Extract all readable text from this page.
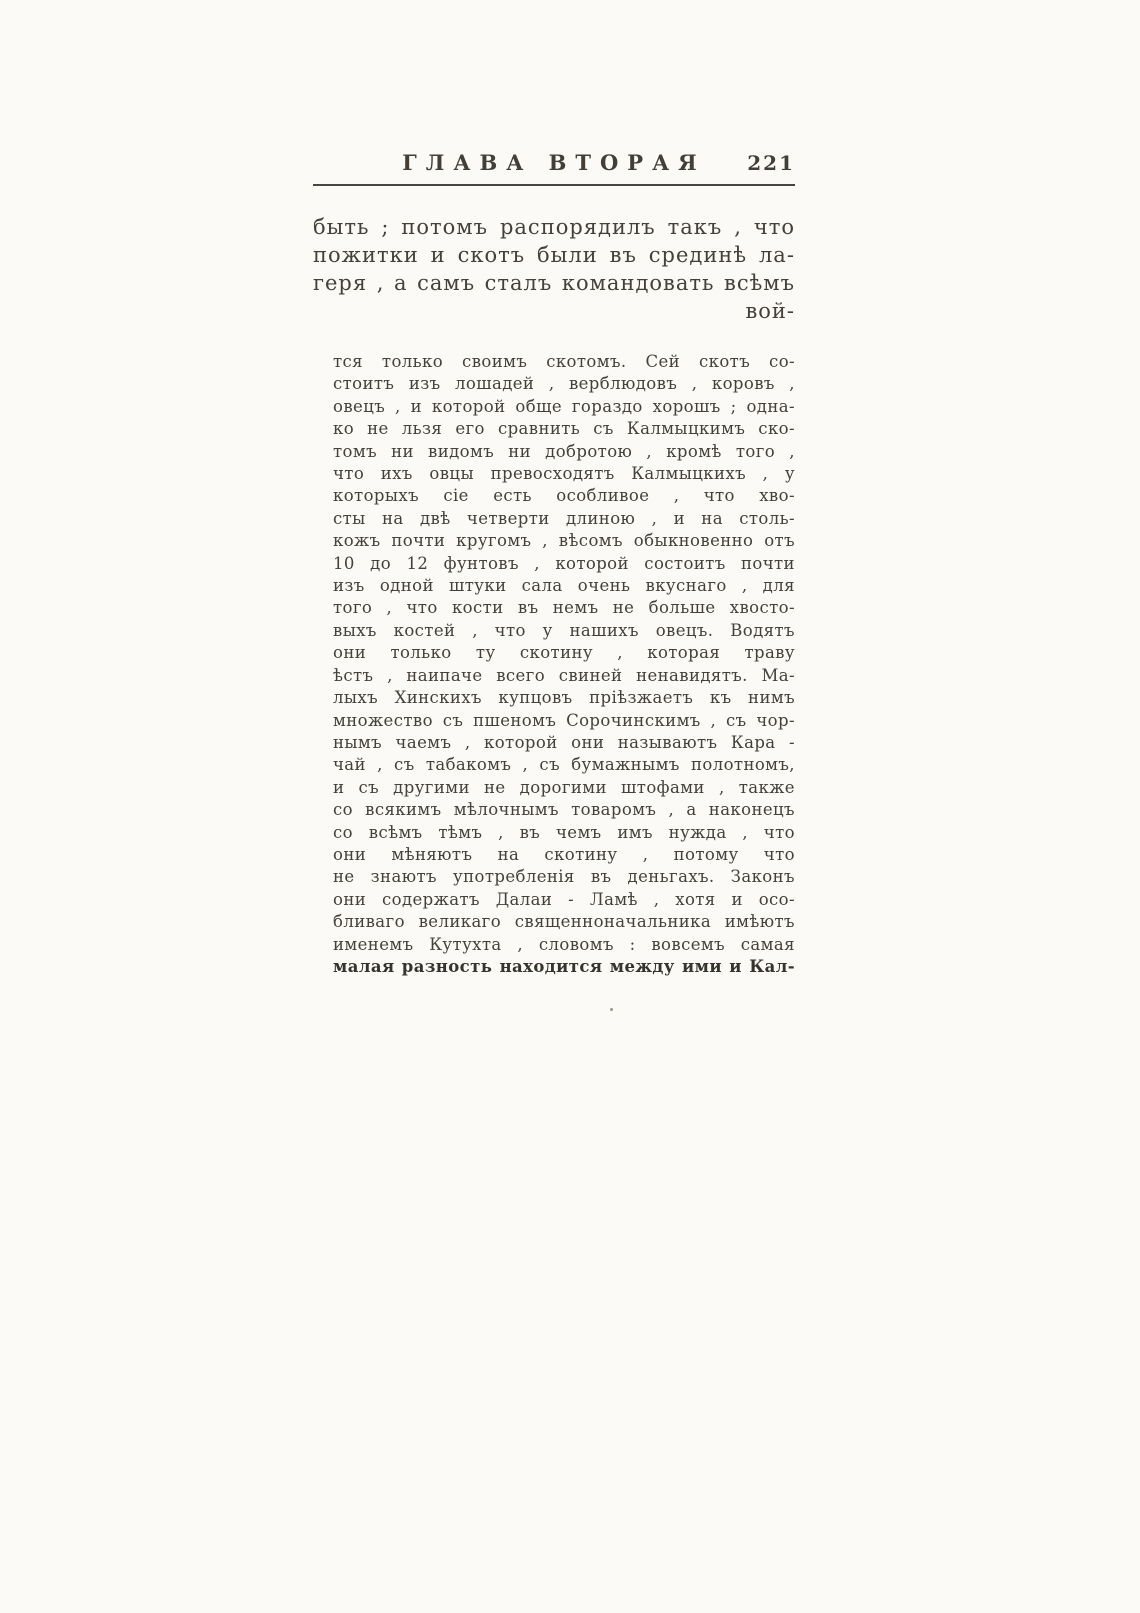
ГЛАВА ВТОРАЯ	221
быть ; потомъ распорядилъ такъ , что
пожитки и скотъ были въ срединѣ ла-
геря , а самъ сталъ командовать всѣмъ
вой-
тся только своимъ скотомъ. Сей скотъ со-
стоитъ изъ лошадей , верблюдовъ , коровъ ,
овецъ , и которой обще гораздо хорошъ ; одна-
ко не льзя его сравнить съ Калмыцкимъ ско-
томъ ни видомъ ни добротою , кромѣ того ,
что ихъ овцы превосходятъ Калмыцкихъ , у
которыхъ сіе есть особливое , что хво-
сты на двѣ четверти длиною , и на столь-
кожъ почти кругомъ , вѣсомъ обыкновенно отъ
10 до 12 фунтовъ , которой состоитъ почти
изъ одной штуки сала очень вкуснаго , для
того , что кости въ немъ не больше хвосто-
выхъ костей , что у нашихъ овецъ. Водятъ
они только ту скотину , которая траву
ѣстъ , наипаче всего свиней ненавидятъ. Ма-
лыхъ Хинскихъ купцовъ пріѣзжаетъ къ нимъ
множество съ пшеномъ Сорочинскимъ , съ чор-
нымъ чаемъ , которой они называютъ Кара -
чай , съ табакомъ , съ бумажнымъ полотномъ,
и съ другими не дорогими штофами , также
со всякимъ мѣлочнымъ товаромъ , а наконецъ
со всѣмъ тѣмъ , въ чемъ имъ нужда , что
они мѣняютъ на скотину , потому что
не знаютъ употребленія въ деньгахъ. Законъ
они содержатъ Далаи - Ламѣ , хотя и осо-
бливаго великаго священноначальника имѣютъ
именемъ Кутухта , словомъ : вовсемъ самая
малая разность находится между ими и Кал-
